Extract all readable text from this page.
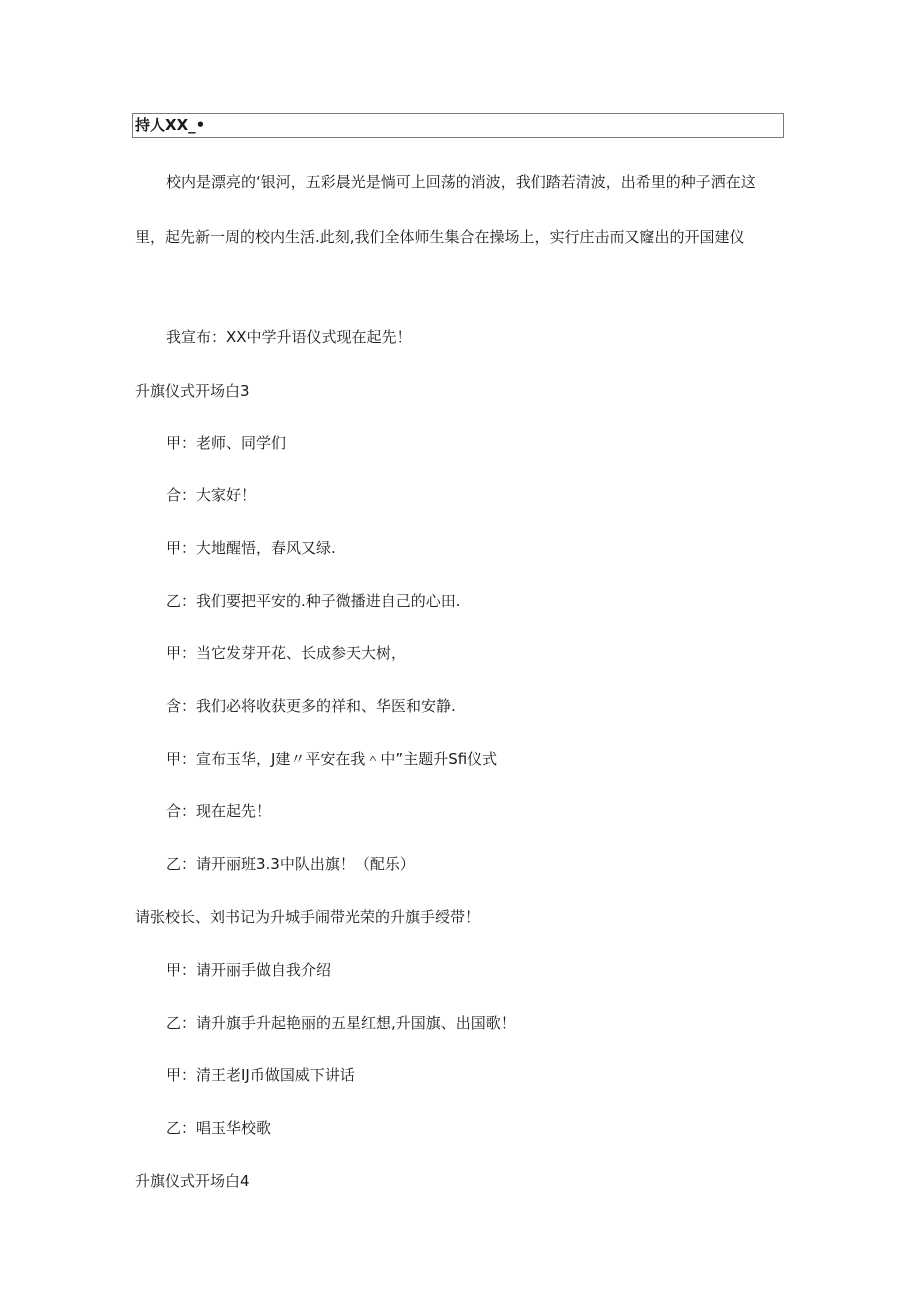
持人XX_•
校内是漂亮的‘银河，五彩晨光是惝可上回荡的消波，我们踏若清波，出希里的种子洒在这
里，起先新一周的校内生活.此刻,我们全体师生集合在操场上，实行庄击而又窿出的开国建仪
我宣布：XX中学升语仪式现在起先！
升旗仪式开场白3
甲：老师、同学们
合：大家好！
甲：大地醒悟，春风又绿.
乙：我们要把平安的.种子微播进自己的心田.
甲：当它发芽开花、长成参天大树，
含：我们必将收获更多的祥和、华医和安静.
甲：宣布玉华，J建〃平安在我＾中”主题升Sfi仪式
合：现在起先！
乙：请开丽班3.3中队出旗！（配乐）
请张校长、刘书记为升城手闹带光荣的升旗手绶带！
甲：请开丽手做自我介绍
乙：请升旗手升起艳丽的五星红想,升国旗、出国歌！
甲：清王老IJ币做国威下讲话
乙：唱玉华校歌
升旗仪式开场白4
